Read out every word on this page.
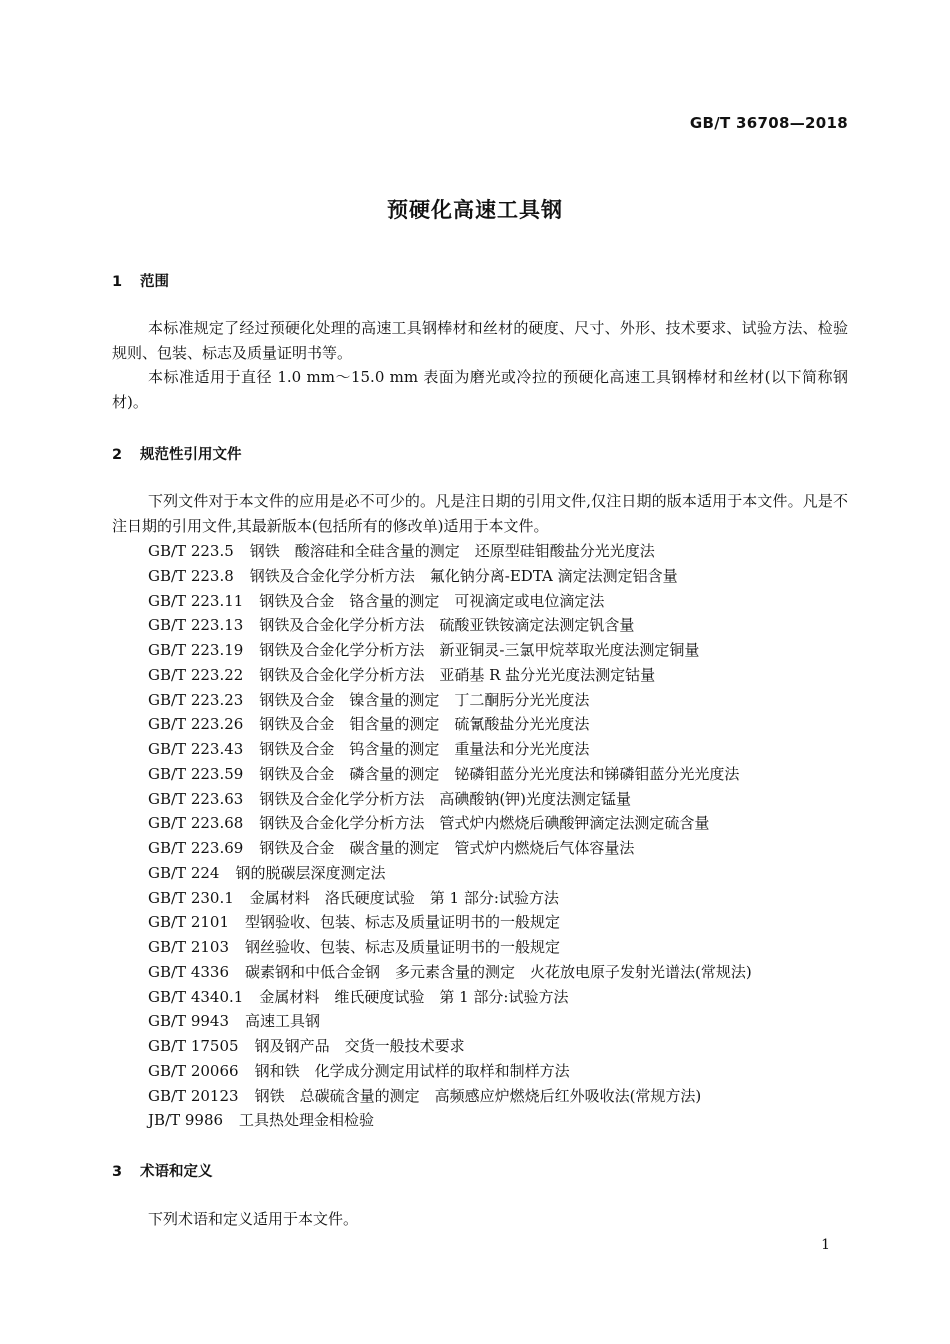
GB/T 36708—2018
预硬化高速工具钢
1 范围

本标准规定了经过预硬化处理的高速工具钢棒材和丝材的硬度、尺寸、外形、技术要求、试验方法、检验规则、包装、标志及质量证明书等。

本标准适用于直径 1.0 mm～15.0 mm 表面为磨光或冷拉的预硬化高速工具钢棒材和丝材(以下简称钢材)。

2 规范性引用文件

下列文件对于本文件的应用是必不可少的。凡是注日期的引用文件,仅注日期的版本适用于本文件。凡是不注日期的引用文件,其最新版本(包括所有的修改单)适用于本文件。

GB/T 223.5 钢铁　酸溶硅和全硅含量的测定　还原型硅钼酸盐分光光度法
GB/T 223.8 钢铁及合金化学分析方法　氟化钠分离-EDTA 滴定法测定铝含量
GB/T 223.11 钢铁及合金　铬含量的测定　可视滴定或电位滴定法
GB/T 223.13 钢铁及合金化学分析方法　硫酸亚铁铵滴定法测定钒含量
GB/T 223.19 钢铁及合金化学分析方法　新亚铜灵-三氯甲烷萃取光度法测定铜量
GB/T 223.22 钢铁及合金化学分析方法　亚硝基 R 盐分光光度法测定钴量
GB/T 223.23 钢铁及合金　镍含量的测定　丁二酮肟分光光度法
GB/T 223.26 钢铁及合金　钼含量的测定　硫氰酸盐分光光度法
GB/T 223.43 钢铁及合金　钨含量的测定　重量法和分光光度法
GB/T 223.59 钢铁及合金　磷含量的测定　铋磷钼蓝分光光度法和锑磷钼蓝分光光度法
GB/T 223.63 钢铁及合金化学分析方法　高碘酸钠(钾)光度法测定锰量
GB/T 223.68 钢铁及合金化学分析方法　管式炉内燃烧后碘酸钾滴定法测定硫含量
GB/T 223.69 钢铁及合金　碳含量的测定　管式炉内燃烧后气体容量法
GB/T 224 钢的脱碳层深度测定法
GB/T 230.1 金属材料　洛氏硬度试验　第 1 部分:试验方法
GB/T 2101 型钢验收、包装、标志及质量证明书的一般规定
GB/T 2103 钢丝验收、包装、标志及质量证明书的一般规定
GB/T 4336 碳素钢和中低合金钢　多元素含量的测定　火花放电原子发射光谱法(常规法)
GB/T 4340.1 金属材料　维氏硬度试验　第 1 部分:试验方法
GB/T 9943 高速工具钢
GB/T 17505 钢及钢产品　交货一般技术要求
GB/T 20066 钢和铁　化学成分测定用试样的取样和制样方法
GB/T 20123 钢铁　总碳硫含量的测定　高频感应炉燃烧后红外吸收法(常规方法)
JB/T 9986 工具热处理金相检验
3 术语和定义

下列术语和定义适用于本文件。

1
